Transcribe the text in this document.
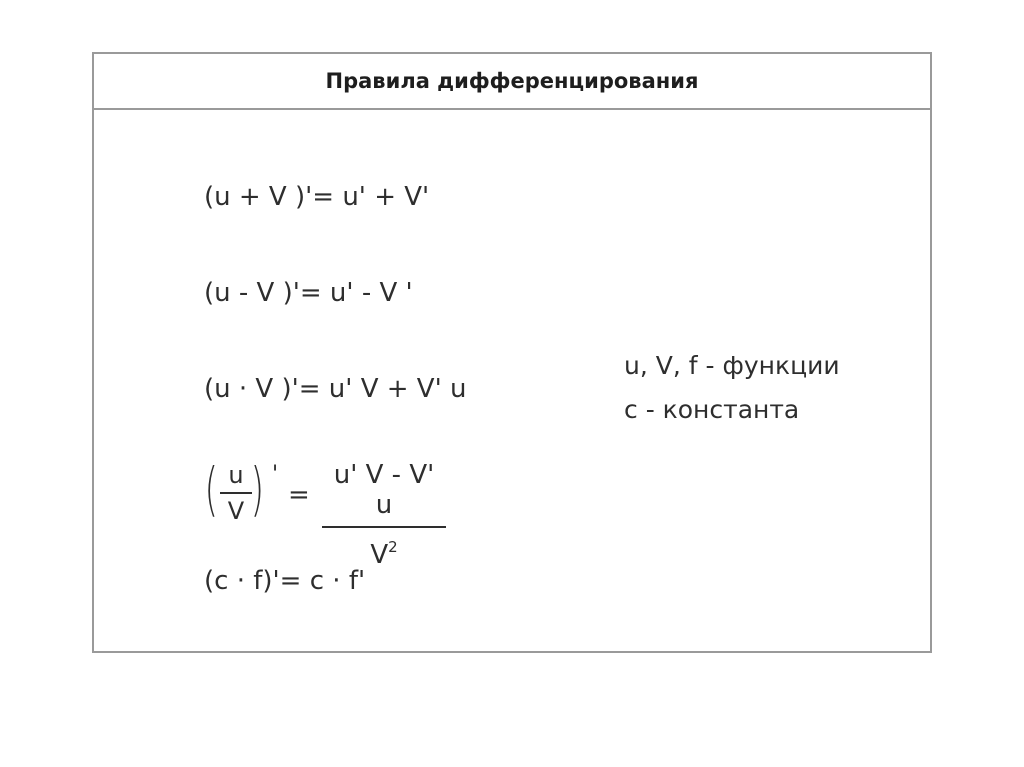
Правила дифференцирования
(u + V )'= u' + V'
(u - V )'= u' - V '
(u · V )'= u' V + V' u
( u
V ) '
=
u' V - V' u
$V^2$
(c · f)'= c · f'
u, V, f - функции
c - константа
